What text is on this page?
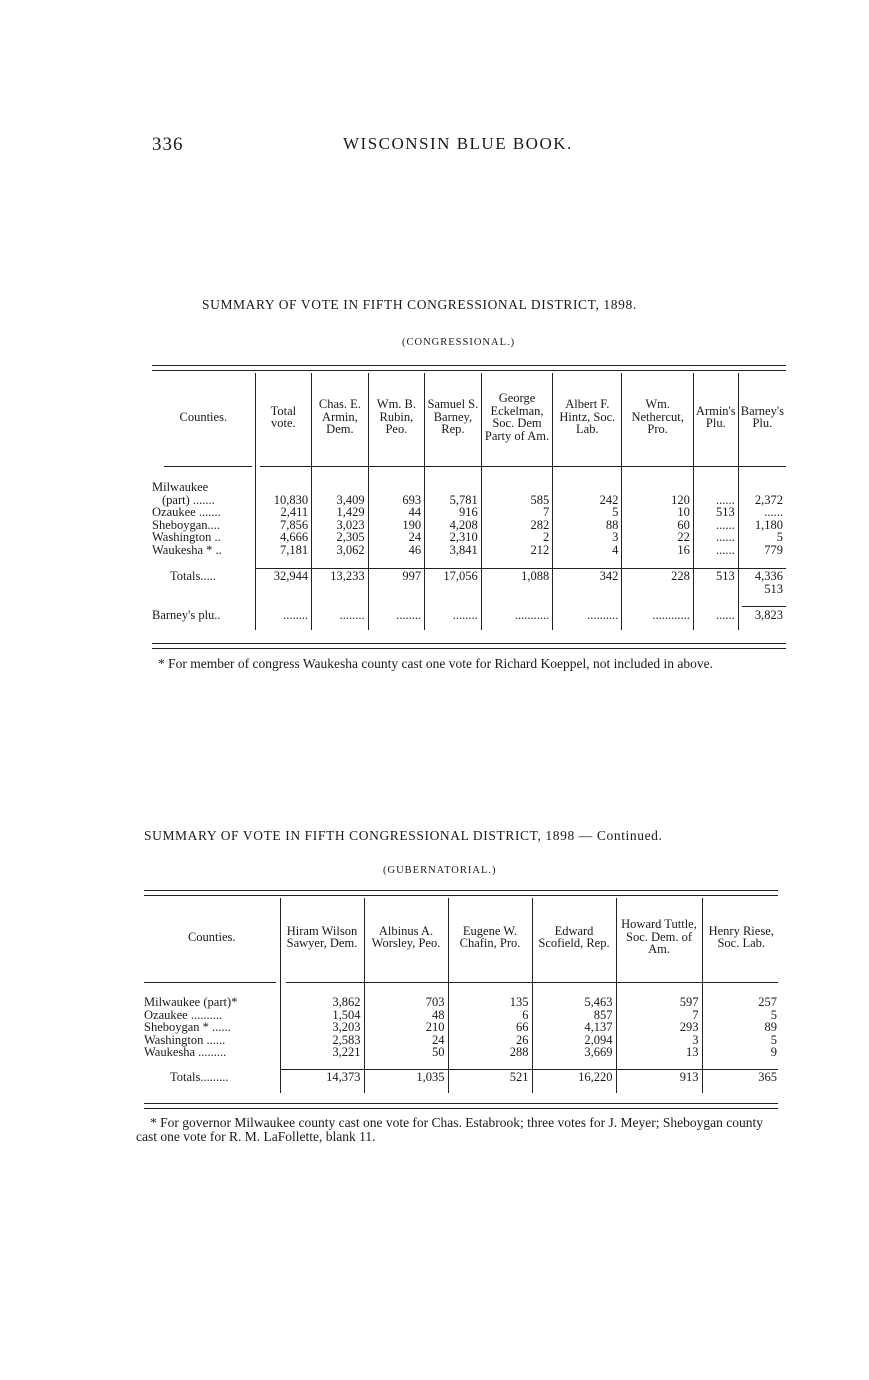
336	WISCONSIN BLUE BOOK.
SUMMARY OF VOTE IN FIFTH CONGRESSIONAL DISTRICT, 1898.
(CONGRESSIONAL.)
Counties.	Total vote.	Chas. E. Armin, Dem.	Wm. B. Rubin, Peo.	Samuel S. Barney, Rep.	George Eckelman, Soc. Dem Party of Am.	Albert F. Hintz, Soc. Lab.	Wm. Nethercut, Pro.	Armin's Plu.	Barney's Plu.

Milwaukee									
(part) .......	10,830	3,409	693	5,781	585	242	120	......	2,372
Ozaukee .......	2,411	1,429	44	916	7	5	10	513	......
Sheboygan....	7,856	3,023	190	4,208	282	88	60	......	1,180
Washington ..	4,666	2,305	24	2,310	2	3	22	......	5
Waukesha * ..	7,181	3,062	46	3,841	212	4	16	......	779

Totals.....	32,944	13,233	997	17,056	1,088	342	228	513	4,336
									513

Barney's plu..	........	........	........	........	...........	..........	............	......	3,823

* For member of congress Waukesha county cast one vote for Richard Koeppel, not included in above.
SUMMARY OF VOTE IN FIFTH CONGRESSIONAL DISTRICT, 1898 — Continued.
(GUBERNATORIAL.)
Counties.	Hiram Wilson Sawyer, Dem.	Albinus A. Worsley, Peo.	Eugene W. Chafin, Pro.	Edward Scofield, Rep.	Howard Tuttle, Soc. Dem. of Am.	Henry Riese, Soc. Lab.

Milwaukee (part)*	3,862	703	135	5,463	597	257
Ozaukee ..........	1,504	48	6	857	7	5
Sheboygan * ......	3,203	210	66	4,137	293	89
Washington ......	2,583	24	26	2,094	3	5
Waukesha .........	3,221	50	288	3,669	13	9

Totals.........	14,373	1,035	521	16,220	913	365

* For governor Milwaukee county cast one vote for Chas. Estabrook; three votes for J. Meyer; Sheboygan county cast one vote for R. M. LaFollette, blank 11.
